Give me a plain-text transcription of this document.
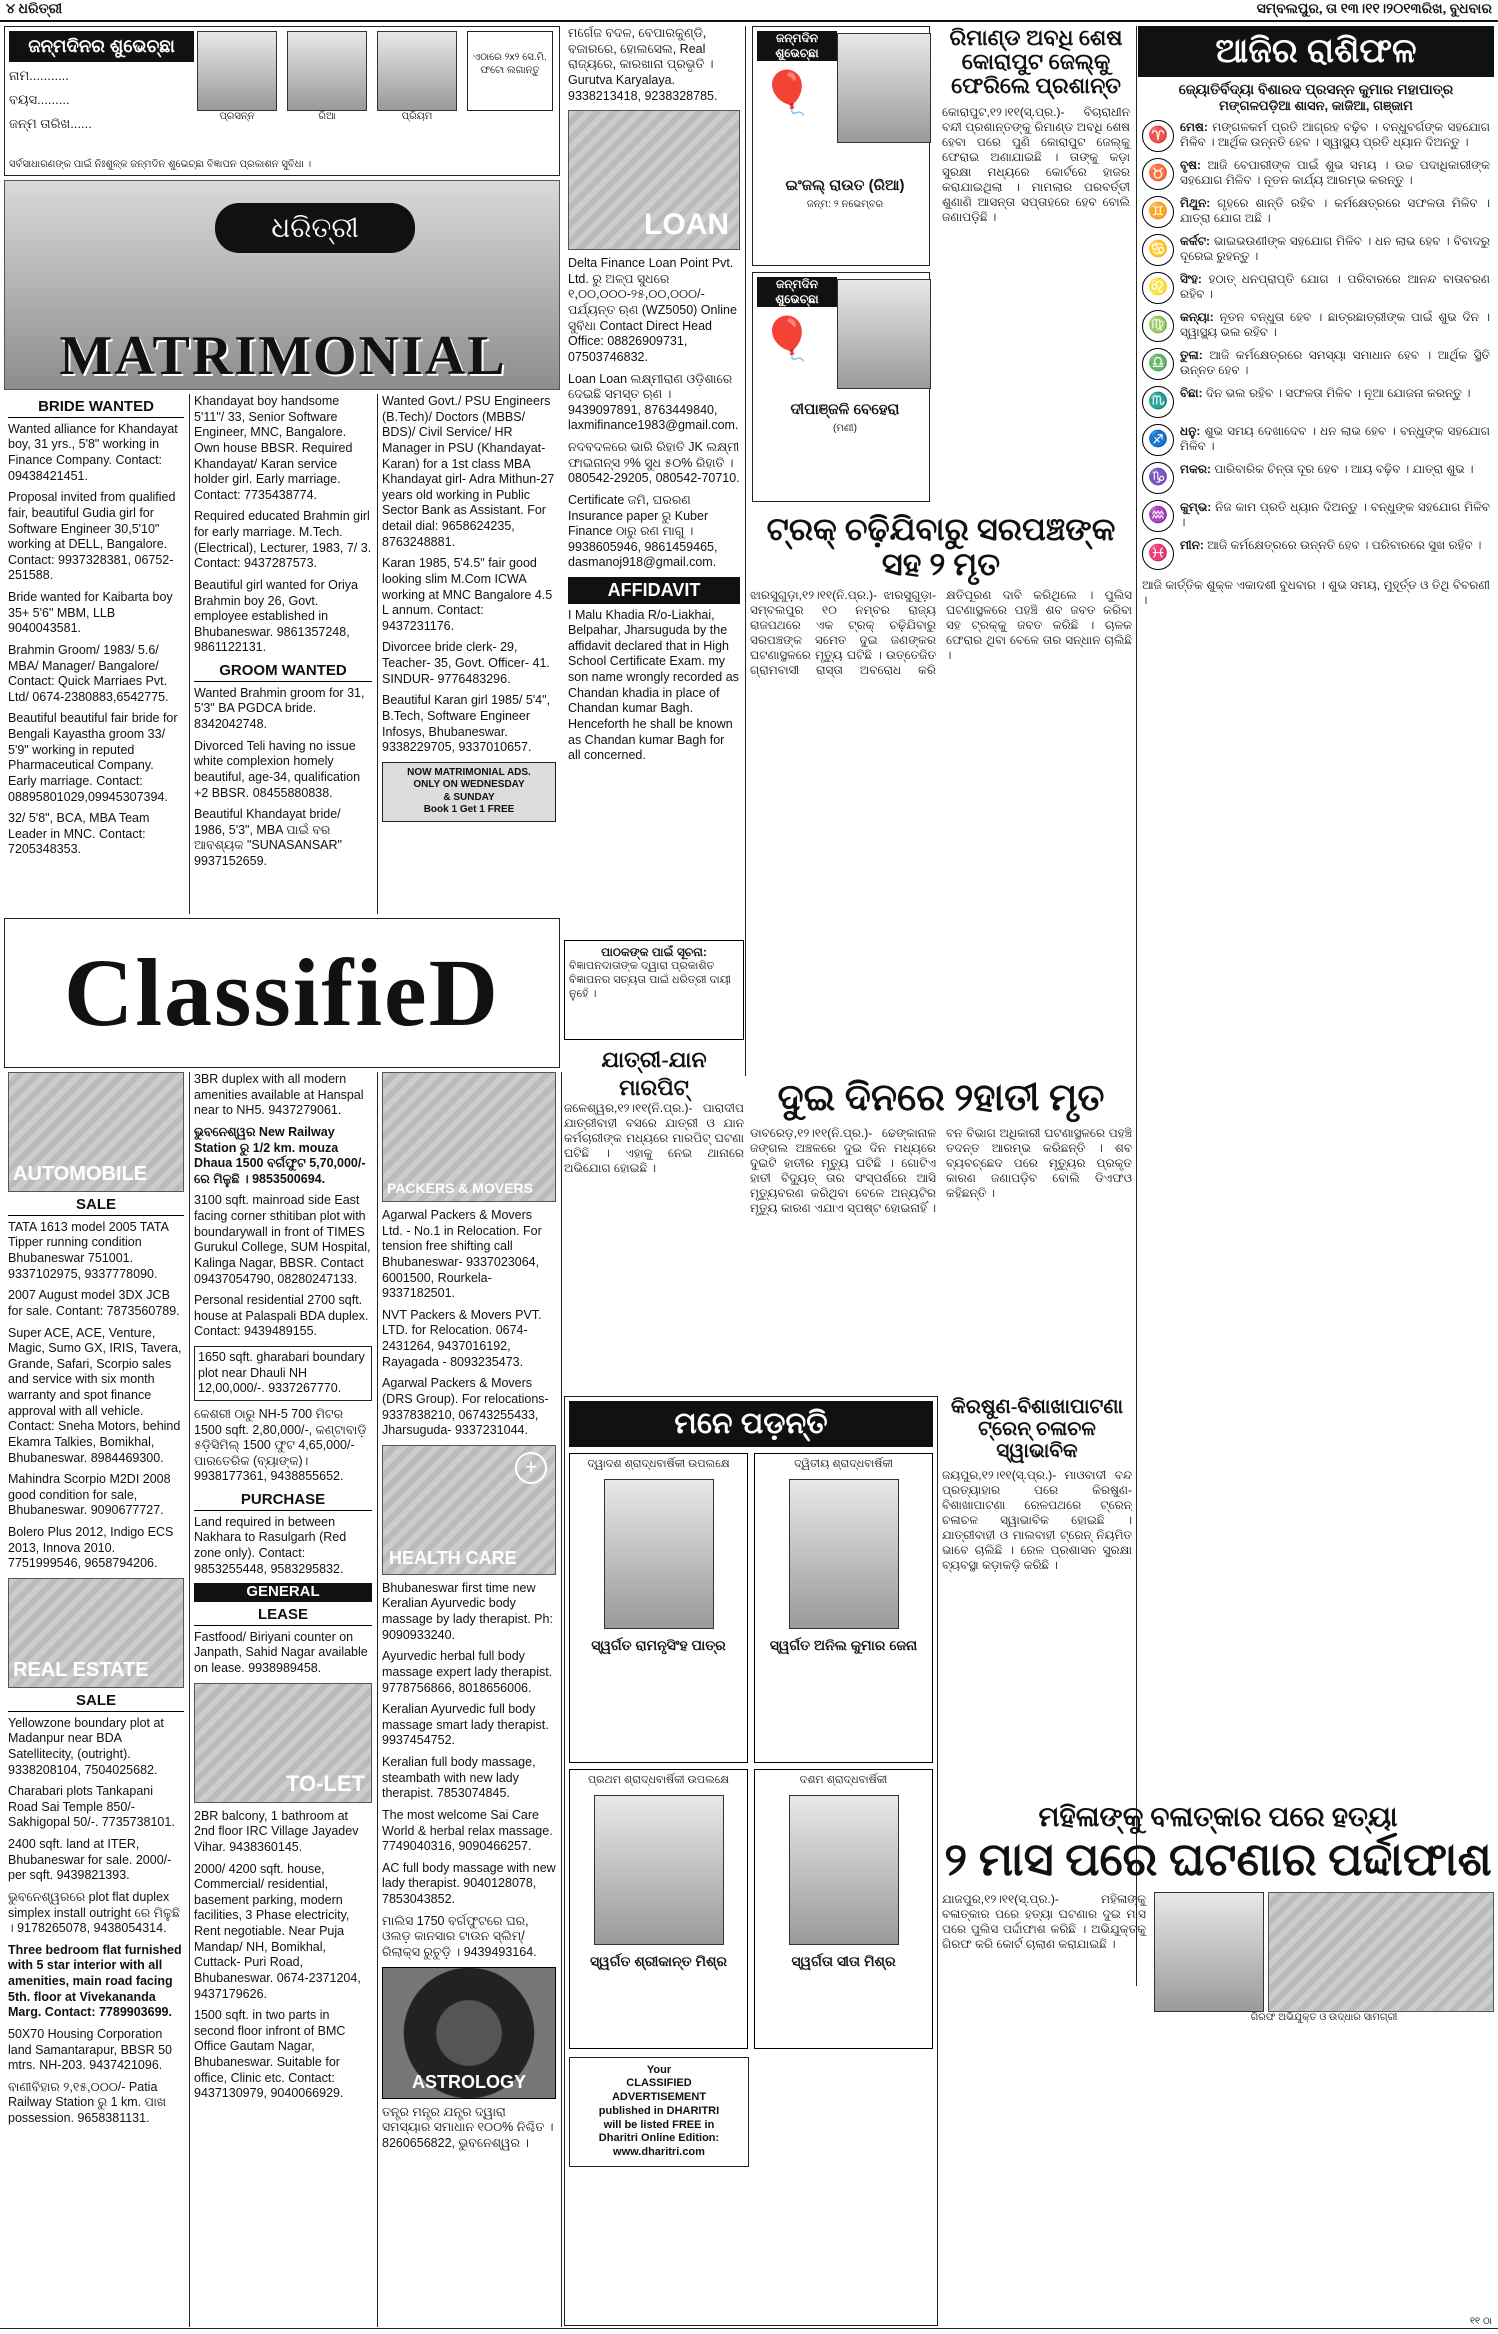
୪ ଧରିତ୍ରୀ	ସମ୍ବଲପୁର, ତା ୧୩।୧୧।୨୦୧୩ରିଖ, ବୁଧବାର
ଜନ୍ମଦିନର ଶୁଭେଚ୍ଛା
ନାମ...........
ବୟସ.........
ଜନ୍ମ ତାରିଖ......	ପ୍ରସନ୍ନ	ରିଆ	ପ୍ରିୟମ
ଏଠାରେ ୨x୨ ସେ.ମି. ଫଟୋ ଲଗାନ୍ତୁ
ସର୍ବସାଧାରଣଙ୍କ ପାଇଁ ନିଃଶୁଳ୍କ ଜନ୍ମଦିନ ଶୁଭେଚ୍ଛା ବିଜ୍ଞାପନ ପ୍ରକାଶନ ସୁବିଧା ।
ଧରିତ୍ରୀ
MATRIMONIAL
BRIDE WANTED
Wanted alliance for Khandayat boy, 31 yrs., 5'8" working in Finance Company. Contact: 09438421451.
Proposal invited from qualified fair, beautiful Gudia girl for Software Engineer 30,5'10" working at DELL, Bangalore. Contact: 9937328381, 06752-251588.
Bride wanted for Kaibarta boy 35+ 5'6" MBM, LLB 9040043581.
Brahmin Groom/ 1983/ 5.6/ MBA/ Manager/ Bangalore/ Contact: Quick Marriaes Pvt. Ltd/ 0674-2380883,6542775.
Beautiful beautiful fair bride for Bengali Kayastha groom 33/ 5'9" working in reputed Pharmaceutical Company. Early marriage. Contact: 08895801029,09945307394.
32/ 5'8", BCA, MBA Team Leader in MNC. Contact: 7205348353.
Khandayat boy handsome 5'11"/ 33, Senior Software Engineer, MNC, Bangalore. Own house BBSR. Required Khandayat/ Karan service holder girl. Early marriage. Contact: 7735438774.
Required educated Brahmin girl for early marriage. M.Tech. (Electrical), Lecturer, 1983, 7/ 3. Contact: 9437287573.
Beautiful girl wanted for Oriya Brahmin boy 26, Govt. employee established in Bhubaneswar. 9861357248, 9861122131.
GROOM WANTED
Wanted Brahmin groom for 31, 5'3" BA PGDCA bride. 8342042748.
Divorced Teli having no issue white complexion homely beautiful, age-34, qualification +2 BBSR. 08455880838.
Beautiful Khandayat bride/ 1986, 5'3", MBA ପାଇଁ ବର ଆବଶ୍ୟକ "SUNASANSAR" 9937152659.
Wanted Govt./ PSU Engineers (B.Tech)/ Doctors (MBBS/ BDS)/ Civil Service/ HR Manager in PSU (Khandayat-Karan) for a 1st class MBA Khandayat girl- Adra Mithun-27 years old working in Public Sector Bank as Assistant. For detail dial: 9658624235, 8763248881.
Karan 1985, 5'4.5" fair good looking slim M.Com ICWA working at MNC Bangalore 4.5 L annum. Contact: 9437231176.
Divorcee bride clerk- 29, Teacher- 35, Govt. Officer- 41. SINDUR- 9776483296.
Beautiful Karan girl 1985/ 5'4", B.Tech, Software Engineer Infosys, Bhubaneswar. 9338229705, 9337010657.
NOW MATRIMONIAL ADS.
ONLY ON WEDNESDAY
& SUNDAY
Book 1 Get 1 FREE
ମର୍ଗେଜ ବଦଳ, ବେପାରକୁଣ୍ଡି, ବଜାରରେ, ହୋଲସେଲ, Real ରାଜ୍ୟରେ, କାରଖାନା ପ୍ରଭୃତି । Gurutva Karyalaya. 9338213418, 9238328785.
LOAN
Delta Finance Loan Point Pvt. Ltd. ରୁ ଅଳ୍ପ ସୁଧରେ ୧,୦୦,୦୦୦-୨୫,୦୦,୦୦୦/- ପର୍ଯ୍ୟନ୍ତ ଋଣ (WZ5050) Online ସୁବିଧା Contact Direct Head Office: 08826909731, 07503746832.
Loan Loan ଲକ୍ଷ୍ମୀରାଣ ଓଡ଼ିଶାରେ ଦେଇଛି ସମସ୍ତ ଋଣ । 9439097891, 8763449840, laxmifinance1983@gmail.com.
ନଦବଦଳରେ ଭାରି ରିହାତି JK ଲକ୍ଷ୍ମୀ ଫାଇନାନ୍ସ ୨% ସୁଧ ୫୦% ରିହାତି । 080542-29205, 080542-70710.
Certificate ଜମି, ଘରରଣ Insurance paper ରୁ Kuber Finance ଠାରୁ ରଣ ମାଗୁ । 9938605946, 9861459465, dasmanoj918@gmail.com.
AFFIDAVIT
I Malu Khadia R/o-Liakhai, Belpahar, Jharsuguda by the affidavit declared that in High School Certificate Exam. my son name wrongly recorded as Chandan khadia in place of Chandan kumar Bagh. Henceforth he shall be known as Chandan kumar Bagh for all concerned.
ClassifieD
AUTOMOBILE
SALE
TATA 1613 model 2005 TATA Tipper running condition Bhubaneswar 751001. 9337102975, 9337778090.
2007 August model 3DX JCB for sale. Contant: 7873560789.
Super ACE, ACE, Venture, Magic, Sumo GX, IRIS, Tavera, Grande, Safari, Scorpio sales and service with six month warranty and spot finance approval with all vehicle. Contact: Sneha Motors, behind Ekamra Talkies, Bomikhal, Bhubaneswar. 8984469300.
Mahindra Scorpio M2DI 2008 good condition for sale, Bhubaneswar. 9090677727.
Bolero Plus 2012, Indigo ECS 2013, Innova 2010. 7751999546, 9658794206.
REAL ESTATE
SALE
Yellowzone boundary plot at Madanpur near BDA Satellitecity, (outright). 9338208104, 7504025682.
Charabari plots Tankapani Road Sai Temple 850/- Sakhigopal 50/-. 7735738101.
2400 sqft. land at ITER, Bhubaneswar for sale. 2000/- per sqft. 9439821393.
ଭୁବନେଶ୍ୱରରେ plot flat duplex simplex install outright ରେ ମିଳୁଛି । 9178265078, 9438054314.
Three bedroom flat furnished with 5 star interior with all amenities, main road facing 5th. floor at Vivekananda Marg. Contact: 7789903699.
50X70 Housing Corporation land Samantarapur, BBSR 50 mtrs. NH-203. 9437421096.
ବାଣୀବିହାର ୨,୧୫,୦୦୦/- Patia Railway Station ରୁ 1 km. ପାଖ possession. 9658381131.
3BR duplex with all modern amenities available at Hanspal near to NH5. 9437279061.
ଭୁବନେଶ୍ୱର New Railway Station ରୁ 1/2 km. mouza Dhaua 1500 ବର୍ଗଫୁଟ 5,70,000/- ରେ ମିଳୁଛି । 9853500694.
3100 sqft. mainroad side East facing corner sthitiban plot with boundarywall in front of TIMES Gurukul College, SUM Hospital, Kalinga Nagar, BBSR. Contact 09437054790, 08280247133.
Personal residential 2700 sqft. house at Palaspali BDA duplex. Contact: 9439489155.
1650 sqft. gharabari boundary plot near Dhauli NH 12,00,000/-. 9337267770.
କେଶରୀ ଠାରୁ NH-5 700 ମିଟର 1500 sqft. 2,80,000/-, କଣ୍ଟାବାଡ଼ି ୫ଡ଼ିସିମିଲ୍ 1500 ଫୁଟ 4,65,000/- ପାରତେରିକ (ବ୍ୟାଙ୍କ)। 9938177361, 9438855652.
PURCHASE
Land required in between Nakhara to Rasulgarh (Red zone only). Contact: 9853255448, 9583295832.
GENERAL
LEASE
Fastfood/ Biriyani counter on Janpath, Sahid Nagar available on lease. 9938989458.
TO-LET
2BR balcony, 1 bathroom at 2nd floor IRC Village Jayadev Vihar. 9438360145.
2000/ 4200 sqft. house, Commercial/ residential, basement parking, modern facilities, 3 Phase electricity, Rent negotiable. Near Puja Mandap/ NH, Bomikhal, Cuttack- Puri Road, Bhubaneswar. 0674-2371204, 9437179626.
1500 sqft. in two parts in second floor infront of BMC Office Gautam Nagar, Bhubaneswar. Suitable for office, Clinic etc. Contact: 9437130979, 9040066929.
PACKERS & MOVERS
Agarwal Packers & Movers Ltd. - No.1 in Relocation. For tension free shifting call Bhubaneswar- 9337023064, 6001500, Rourkela- 9337182501.
NVT Packers & Movers PVT. LTD. for Relocation. 0674-2431264, 9437016192, Rayagada - 8093235473.
Agarwal Packers & Movers (DRS Group). For relocations- 9337838210, 06743255433, Jharsuguda- 9337231044.
+
HEALTH CARE
Bhubaneswar first time new Keralian Ayurvedic body massage by lady therapist. Ph: 9090933240.
Ayurvedic herbal full body massage expert lady therapist. 9778756866, 8018656006.
Keralian Ayurvedic full body massage smart lady therapist. 9937454752.
Keralian full body massage, steambath with new lady therapist. 7853074845.
The most welcome Sai Care World & herbal relax massage. 7749040316, 9090466257.
AC full body massage with new lady therapist. 9040128078, 7853043852.
ମାଲିସ 1750 ବର୍ଗଫୁଟରେ ଘର, ଓଲଡ଼ କାନସାର ଟାଉନ ସ୍ଲିମ୍/ ରିଲାକ୍ସ ରୁଚୁଡ଼ି । 9439493164.
ASTROLOGY
ତନ୍ତ୍ର ମନ୍ତ୍ର ଯନ୍ତ୍ର ଦ୍ୱାରା ସମସ୍ୟାର ସମାଧାନ ୧୦୦% ନିଶ୍ଚିତ । 8260656822, ଭୁବନେଶ୍ୱର ।
ଜନ୍ମଦିନ ଶୁଭେଚ୍ଛା
🎈
ଇଂଜଲ୍ ରାଉତ (ରିଆ)
ଜନ୍ମ: ୨ ନଭେମ୍ବର
ଜନ୍ମଦିନ ଶୁଭେଚ୍ଛା
🎈
ଦୀପାଞ୍ଜଳି ବେହେରା
(ମଣୀ)
ରିମାଣ୍ଡ ଅବଧି ଶେଷ କୋରାପୁଟ ଜେଲ୍‌କୁ ଫେରିଲେ ପ୍ରଶାନ୍ତ
କୋରାପୁଟ,୧୨।୧୧(ସ୍.ପ୍ର.)- ବିଚାରାଧୀନ ବନ୍ଦୀ ପ୍ରଶାନ୍ତଙ୍କୁ ରିମାଣ୍ଡ ଅବଧି ଶେଷ ହେବା ପରେ ପୁଣି କୋରାପୁଟ ଜେଲ୍‌କୁ ଫେରାଇ ଅଣାଯାଇଛି । ତାଙ୍କୁ କଡ଼ା ସୁରକ୍ଷା ମଧ୍ୟରେ କୋର୍ଟରେ ହାଜର କରାଯାଇଥିଲା । ମାମଲାର ପରବର୍ତ୍ତୀ ଶୁଣାଣି ଆସନ୍ତା ସପ୍ତାହରେ ହେବ ବୋଲି ଜଣାପଡ଼ିଛି ।
ଟ୍ରକ୍ ଚଢ଼ିଯିବାରୁ ସରପଞ୍ଚଙ୍କ ସହ ୨ ମୃତ
ଝାରସୁଗୁଡ଼ା,୧୨।୧୧(ନି.ପ୍ର.)- ଝାରସୁଗୁଡ଼ା-ସମ୍ବଲପୁର ୧୦ ନମ୍ବର ରାଜ୍ୟ ରାଜପଥରେ ଏକ ଟ୍ରକ୍ ଚଢ଼ିଯିବାରୁ ସରପଞ୍ଚଙ୍କ ସମେତ ଦୁଇ ଜଣଙ୍କର ଘଟଣାସ୍ଥଳରେ ମୃତ୍ୟୁ ଘଟିଛି । ଉତ୍ତେଜିତ ଗ୍ରାମବାସୀ ରାସ୍ତା ଅବରୋଧ କରି କ୍ଷତିପୂରଣ ଦାବି କରିଥିଲେ । ପୁଲିସ ଘଟଣାସ୍ଥଳରେ ପହଞ୍ଚି ଶବ ଜବତ କରିବା ସହ ଟ୍ରକ୍‌କୁ ଜବତ କରିଛି । ଚାଳକ ଫେରାର ଥିବା ବେଳେ ତାର ସନ୍ଧାନ ଚାଲିଛି ।
ଦୁଇ ଦିନରେ ୨ହାତୀ ମୃତ
ଡାବରେଡ଼,୧୨।୧୧(ନି.ପ୍ର.)- ଢେଙ୍କାନାଳ ଜଙ୍ଗଲ ଅଞ୍ଚଳରେ ଦୁଇ ଦିନ ମଧ୍ୟରେ ଦୁଇଟି ହାତୀର ମୃତ୍ୟୁ ଘଟିଛି । ଗୋଟିଏ ହାତୀ ବିଦ୍ୟୁତ୍ ତାର ସଂସ୍ପର୍ଶରେ ଆସି ମୃତ୍ୟୁବରଣ କରିଥିବା ବେଳେ ଅନ୍ୟଟିର ମୃତ୍ୟୁ କାରଣ ଏଯାଏ ସ୍ପଷ୍ଟ ହୋଇନାହିଁ । ବନ ବିଭାଗ ଅଧିକାରୀ ଘଟଣାସ୍ଥଳରେ ପହଞ୍ଚି ତଦନ୍ତ ଆରମ୍ଭ କରିଛନ୍ତି । ଶବ ବ୍ୟବଚ୍ଛେଦ ପରେ ମୃତ୍ୟୁର ପ୍ରକୃତ କାରଣ ଜଣାପଡ଼ିବ ବୋଲି ଡିଏଫଓ କହିଛନ୍ତି ।
ପାଠକଙ୍କ ପାଇଁ ସୂଚନା:
ବିଜ୍ଞାପନଦାତାଙ୍କ ଦ୍ୱାରା ପ୍ରକାଶିତ ବିଜ୍ଞାପନର ସତ୍ୟତା ପାଇଁ ଧରିତ୍ରୀ ଦାୟୀ ନୁହେଁ ।
ଯାତ୍ରୀ-ଯାନ ମାରପିଟ୍
ଜଳେଶ୍ୱର,୧୨।୧୧(ନି.ପ୍ର.)- ପାରାଦୀପ ଯାତ୍ରୀବାହୀ ବସରେ ଯାତ୍ରୀ ଓ ଯାନ କର୍ମଚାରୀଙ୍କ ମଧ୍ୟରେ ମାରପିଟ୍ ଘଟଣା ଘଟିଛି । ଏହାକୁ ନେଇ ଥାନାରେ ଅଭିଯୋଗ ହୋଇଛି ।
ମନେ ପଡ଼ନ୍ତି
ଦ୍ୱାଦଶ ଶ୍ରାଦ୍ଧବାର୍ଷିକୀ ଉପଲକ୍ଷେ
ସ୍ୱର୍ଗତ ରାମନୃସିଂହ ପାତ୍ର
ଦ୍ୱିତୀୟ ଶ୍ରାଦ୍ଧବାର୍ଷିକୀ
ସ୍ୱର୍ଗତ ଅନିଲ କୁମାର ଜେନା
ପ୍ରଥମ ଶ୍ରାଦ୍ଧବାର୍ଷିକୀ ଉପଲକ୍ଷେ
ସ୍ୱର୍ଗତ ଶ୍ରୀକାନ୍ତ ମିଶ୍ର
ଦଶମ ଶ୍ରାଦ୍ଧବାର୍ଷିକୀ
ସ୍ୱର୍ଗତା ସୀତା ମିଶ୍ର
Your
CLASSIFIED
ADVERTISEMENT
published in DHARITRI
will be listed FREE in
Dharitri Online Edition:
www.dharitri.com
କିରଷୁଣ-ବିଶାଖାପାଟଣା ଟ୍ରେନ୍ ଚଳାଚଳ ସ୍ୱାଭାବିକ
ଜୟପୁର,୧୨।୧୧(ସ୍.ପ୍ର.)- ମାଓବାଦୀ ବନ୍ଦ ପ୍ରତ୍ୟାହାର ପରେ କିରଷୁଣ-ବିଶାଖାପାଟଣା ରେଳପଥରେ ଟ୍ରେନ୍ ଚଳାଚଳ ସ୍ୱାଭାବିକ ହୋଇଛି । ଯାତ୍ରୀବାହୀ ଓ ମାଲବାହୀ ଟ୍ରେନ୍ ନିୟମିତ ଭାବେ ଚାଲିଛି । ରେଳ ପ୍ରଶାସନ ସୁରକ୍ଷା ବ୍ୟବସ୍ଥା କଡ଼ାକଡ଼ି କରିଛି ।
ଆଜିର ରାଶିଫଳ
ଜ୍ୟୋତିର୍ବିଦ୍ୟା ବିଶାରଦ ପ୍ରସନ୍ନ କୁମାର ମହାପାତ୍ର
ମଙ୍ଗଳପଡ଼ିଆ ଶାସନ, କାଜିଆ, ଗଞ୍ଜାମ
♈	ମେଷ: ମଙ୍ଗଳକର୍ମ ପ୍ରତି ଆଗ୍ରହ ବଢ଼ିବ । ବନ୍ଧୁବର୍ଗଙ୍କ ସହଯୋଗ ମିଳିବ । ଆର୍ଥିକ ଉନ୍ନତି ହେବ । ସ୍ୱାସ୍ଥ୍ୟ ପ୍ରତି ଧ୍ୟାନ ଦିଅନ୍ତୁ ।
♉	ବୃଷ: ଆଜି ବେପାରୀଙ୍କ ପାଇଁ ଶୁଭ ସମୟ । ଉଚ୍ଚ ପଦାଧିକାରୀଙ୍କ ସହଯୋଗ ମିଳିବ । ନୂତନ କାର୍ଯ୍ୟ ଆରମ୍ଭ କରନ୍ତୁ ।
♊	ମିଥୁନ: ଗୃହରେ ଶାନ୍ତି ରହିବ । କର୍ମକ୍ଷେତ୍ରରେ ସଫଳତା ମିଳିବ । ଯାତ୍ରା ଯୋଗ ଅଛି ।
♋	କର୍କଟ: ଭାଇଭଉଣୀଙ୍କ ସହଯୋଗ ମିଳିବ । ଧନ ଲାଭ ହେବ । ବିବାଦରୁ ଦୂରେଇ ରୁହନ୍ତୁ ।
♌	ସିଂହ: ହଠାତ୍ ଧନପ୍ରାପ୍ତି ଯୋଗ । ପରିବାରରେ ଆନନ୍ଦ ବାତାବରଣ ରହିବ ।
♍	କନ୍ୟା: ନୂତନ ବନ୍ଧୁତା ହେବ । ଛାତ୍ରଛାତ୍ରୀଙ୍କ ପାଇଁ ଶୁଭ ଦିନ । ସ୍ୱାସ୍ଥ୍ୟ ଭଲ ରହିବ ।
♎	ତୁଳା: ଆଜି କର୍ମକ୍ଷେତ୍ରରେ ସମସ୍ୟା ସମାଧାନ ହେବ । ଆର୍ଥିକ ସ୍ଥିତି ଉନ୍ନତ ହେବ ।
♏	ବିଛା: ଦିନ ଭଲ ରହିବ । ସଫଳତା ମିଳିବ । ନୂଆ ଯୋଜନା କରନ୍ତୁ ।
♐	ଧନୁ: ଶୁଭ ସମୟ ଦେଖାଦେବ । ଧନ ଲାଭ ହେବ । ବନ୍ଧୁଙ୍କ ସହଯୋଗ ମିଳିବ ।
♑	ମକର: ପାରିବାରିକ ଚିନ୍ତା ଦୂର ହେବ । ଆୟ ବଢ଼ିବ । ଯାତ୍ରା ଶୁଭ ।
♒	କୁମ୍ଭ: ନିଜ କାମ ପ୍ରତି ଧ୍ୟାନ ଦିଅନ୍ତୁ । ବନ୍ଧୁଙ୍କ ସହଯୋଗ ମିଳିବ ।
♓	ମୀନ: ଆଜି କର୍ମକ୍ଷେତ୍ରରେ ଉନ୍ନତି ହେବ । ପରିବାରରେ ସୁଖ ରହିବ ।
ଆଜି କାର୍ତ୍ତିକ ଶୁକ୍ଳ ଏକାଦଶୀ ବୁଧବାର । ଶୁଭ ସମୟ, ମୁହୂର୍ତ୍ତ ଓ ତିଥି ବିବରଣୀ ।
ମହିଳାଙ୍କୁ ବଳାତ୍କାର ପରେ ହତ୍ୟା
୨ ମାସ ପରେ ଘଟଣାର ପର୍ଦ୍ଦାଫାଶ
ଯାଜପୁର,୧୨।୧୧(ସ୍.ପ୍ର.)- ମହିଳାଙ୍କୁ ବଳାତ୍କାର ପରେ ହତ୍ୟା ଘଟଣାର ଦୁଇ ମାସ ପରେ ପୁଲିସ ପର୍ଦ୍ଦାଫାଶ କରିଛି । ଅଭିଯୁକ୍ତକୁ ଗିରଫ କରି କୋର୍ଟ ଚାଲାଣ କରାଯାଇଛି ।
ଗିରଫ ଅଭିଯୁକ୍ତ ଓ ଉଦ୍ଧାର ସାମଗ୍ରୀ
୧୧ ଠା
